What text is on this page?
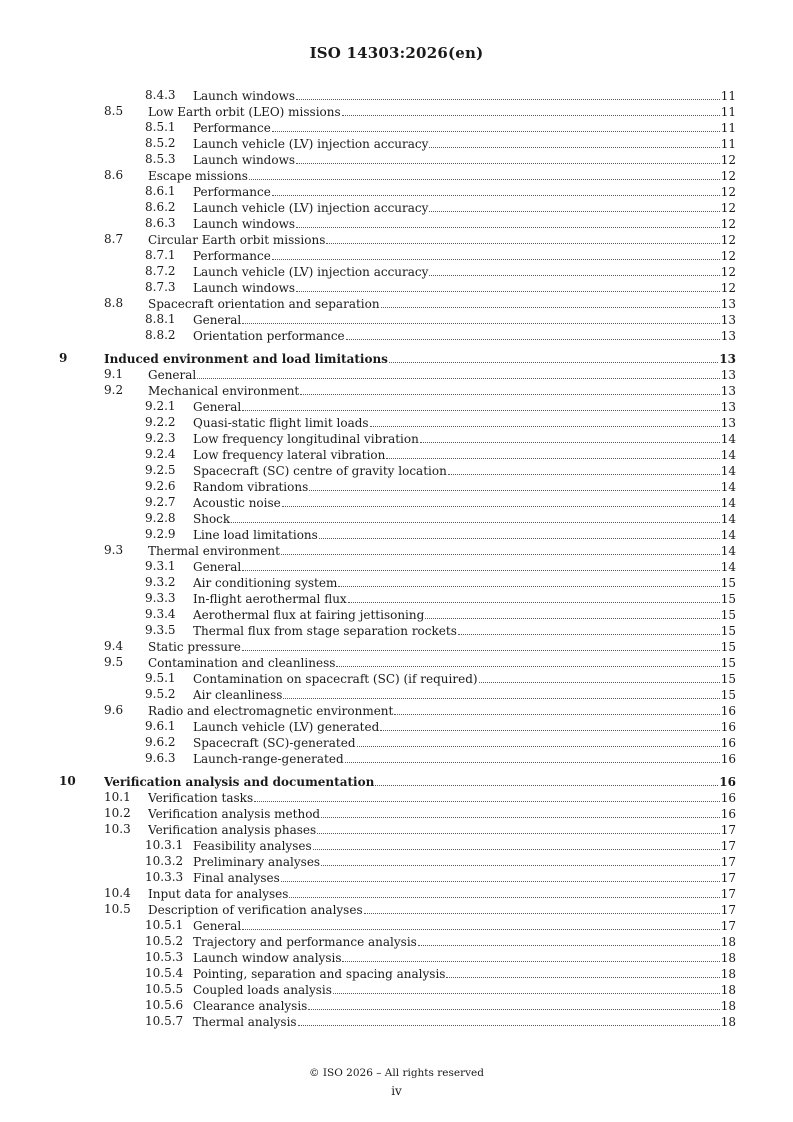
ISO 14303:2026(en)
8.4.3 Launch windows	11
8.5 Low Earth orbit (LEO) missions	11
8.5.1 Performance	11
8.5.2 Launch vehicle (LV) injection accuracy	11
8.5.3 Launch windows	12
8.6 Escape missions	12
8.6.1 Performance	12
8.6.2 Launch vehicle (LV) injection accuracy	12
8.6.3 Launch windows	12
8.7 Circular Earth orbit missions	12
8.7.1 Performance	12
8.7.2 Launch vehicle (LV) injection accuracy	12
8.7.3 Launch windows	12
8.8 Spacecraft orientation and separation	13
8.8.1 General	13
8.8.2 Orientation performance	13
9	Induced environment and load limitations	13
9.1 General	13
9.2 Mechanical environment	13
9.2.1 General	13
9.2.2 Quasi-static flight limit loads	13
9.2.3 Low frequency longitudinal vibration	14
9.2.4 Low frequency lateral vibration	14
9.2.5 Spacecraft (SC) centre of gravity location	14
9.2.6 Random vibrations	14
9.2.7 Acoustic noise	14
9.2.8 Shock	14
9.2.9 Line load limitations	14
9.3 Thermal environment	14
9.3.1 General	14
9.3.2 Air conditioning system	15
9.3.3 In-flight aerothermal flux	15
9.3.4 Aerothermal flux at fairing jettisoning	15
9.3.5 Thermal flux from stage separation rockets	15
9.4 Static pressure	15
9.5 Contamination and cleanliness	15
9.5.1 Contamination on spacecraft (SC) (if required)	15
9.5.2 Air cleanliness	15
9.6 Radio and electromagnetic environment	16
9.6.1 Launch vehicle (LV) generated	16
9.6.2 Spacecraft (SC)-generated	16
9.6.3 Launch-range-generated	16
10 Verification analysis and documentation	16
10.1 Verification tasks	16
10.2 Verification analysis method	16
10.3 Verification analysis phases	17
10.3.1 Feasibility analyses	17
10.3.2 Preliminary analyses	17
10.3.3 Final analyses	17
10.4 Input data for analyses	17
10.5 Description of verification analyses	17
10.5.1 General	17
10.5.2 Trajectory and performance analysis	18
10.5.3 Launch window analysis	18
10.5.4 Pointing, separation and spacing analysis	18
10.5.5 Coupled loads analysis	18
10.5.6 Clearance analysis	18
10.5.7 Thermal analysis	18
© ISO 2026 – All rights reserved
iv
